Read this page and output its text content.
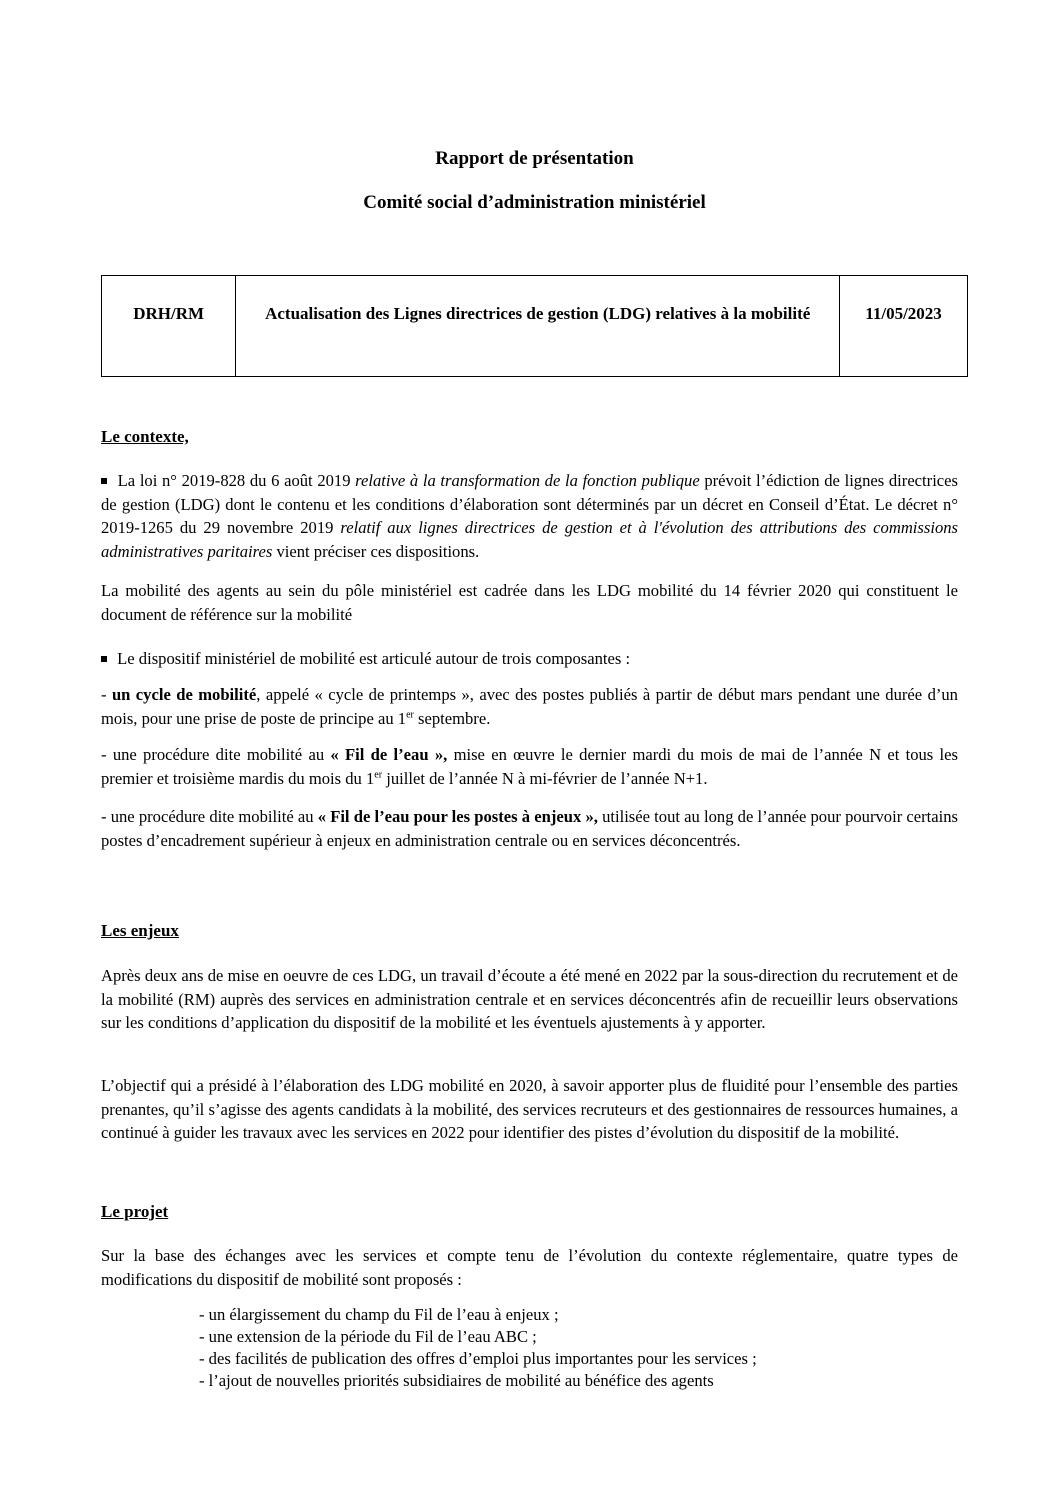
Rapport de présentation
Comité social d’administration ministériel
DRH/RM	Actualisation des Lignes directrices de gestion (LDG) relatives à la mobilité	11/05/2023
Le contexte,

La loi n° 2019-828 du 6 août 2019 relative à la transformation de la fonction publique prévoit l’édiction de lignes directrices de gestion (LDG) dont le contenu et les conditions d’élaboration sont déterminés par un décret en Conseil d’État. Le décret n° 2019-1265 du 29 novembre 2019 relatif aux lignes directrices de gestion et à l'évolution des attributions des commissions administratives paritaires vient préciser ces dispositions.

La mobilité des agents au sein du pôle ministériel est cadrée dans les LDG mobilité du 14 février 2020 qui constituent le document de référence sur la mobilité

Le dispositif ministériel de mobilité est articulé autour de trois composantes :

- un cycle de mobilité, appelé « cycle de printemps », avec des postes publiés à partir de début mars pendant une durée d’un mois, pour une prise de poste de principe au 1er septembre.

- une procédure dite mobilité au « Fil de l’eau », mise en œuvre le dernier mardi du mois de mai de l’année N et tous les premier et troisième mardis du mois du 1er juillet de l’année N à mi-février de l’année N+1.

- une procédure dite mobilité au « Fil de l’eau pour les postes à enjeux », utilisée tout au long de l’année pour pourvoir certains postes d’encadrement supérieur à enjeux en administration centrale ou en services déconcentrés.

Les enjeux

Après deux ans de mise en oeuvre de ces LDG, un travail d’écoute a été mené en 2022 par la sous-direction du recrutement et de la mobilité (RM) auprès des services en administration centrale et en services déconcentrés afin de recueillir leurs observations sur les conditions d’application du dispositif de la mobilité et les éventuels ajustements à y apporter.

L’objectif qui a présidé à l’élaboration des LDG mobilité en 2020, à savoir apporter plus de fluidité pour l’ensemble des parties prenantes, qu’il s’agisse des agents candidats à la mobilité, des services recruteurs et des gestionnaires de ressources humaines, a continué à guider les travaux avec les services en 2022 pour identifier des pistes d’évolution du dispositif de la mobilité.

Le projet

Sur la base des échanges avec les services et compte tenu de l’évolution du contexte réglementaire, quatre types de modifications du dispositif de mobilité sont proposés :

- un élargissement du champ du Fil de l’eau à enjeux ;
- une extension de la période du Fil de l’eau ABC ;
- des facilités de publication des offres d’emploi plus importantes pour les services ;
- l’ajout de nouvelles priorités subsidiaires de mobilité au bénéfice des agents
